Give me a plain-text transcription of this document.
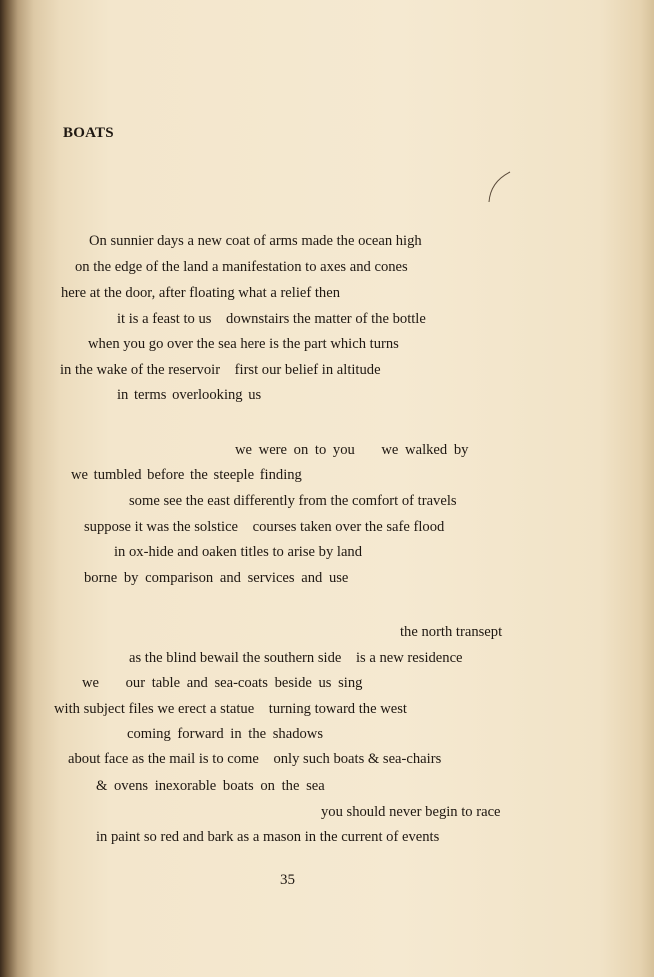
BOATS
On sunnier days a new coat of arms made the ocean high
on the edge of the land a manifestation to axes and cones
here at the door, after floating what a relief then
it is a feast to us    downstairs the matter of the bottle
when you go over the sea here is the part which turns
in the wake of the reservoir    first our belief in altitude
in terms overlooking us
we were on to you    we walked by
we tumbled before the steeple finding
some see the east differently from the comfort of travels
suppose it was the solstice    courses taken over the safe flood
in ox-hide and oaken titles to arise by land
borne by comparison and services and use
the north transept
as the blind bewail the southern side    is a new residence
we    our table and sea-coats beside us sing
with subject files we erect a statue    turning toward the west
coming forward in the shadows
about face as the mail is to come    only such boats & sea-chairs
& ovens inexorable boats on the sea
you should never begin to race
in paint so red and bark as a mason in the current of events
35
